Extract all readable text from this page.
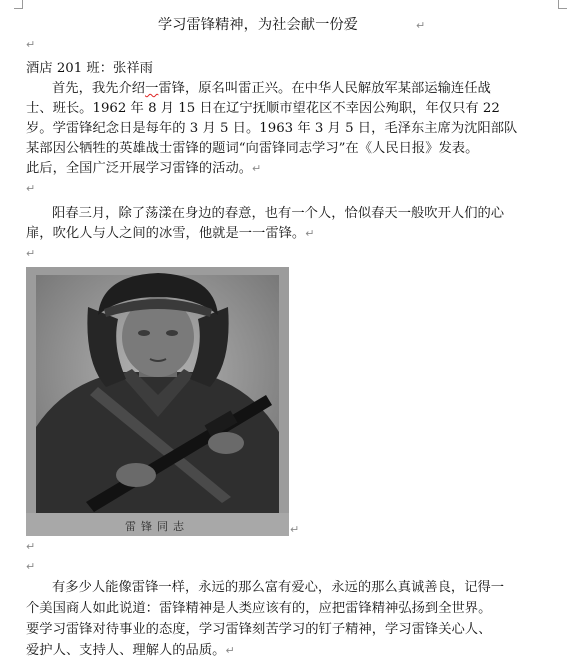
学习雷锋精神，为社会献一份爱	↵
↵
酒店 201 班：张祥雨
首先，我先介绍一雷锋，原名叫雷正兴。在中华人民解放军某部运输连任战
士、班长。1962 年 8 月 15 日在辽宁抚顺市望花区不幸因公殉职，年仅只有 22
岁。学雷锋纪念日是每年的 3 月 5 日。1963 年 3 月 5 日，毛泽东主席为沈阳部队
某部因公牺牲的英雄战士雷锋的题词“向雷锋同志学习”在《人民日报》发表。
此后，全国广泛开展学习雷锋的活动。↵
↵
阳春三月，除了荡漾在身边的春意，也有一个人，恰似春天一般吹开人们的心
扉，吹化人与人之间的冰雪，他就是一一雷锋。↵
↵
雷锋同志	↵
↵
↵
有多少人能像雷锋一样，永远的那么富有爱心，永远的那么真诚善良，记得一
个美国商人如此说道：雷锋精神是人类应该有的，应把雷锋精神弘扬到全世界。
要学习雷锋对待事业的态度，学习雷锋刻苦学习的钉子精神，学习雷锋关心人、
爱护人、支持人、理解人的品质。↵
